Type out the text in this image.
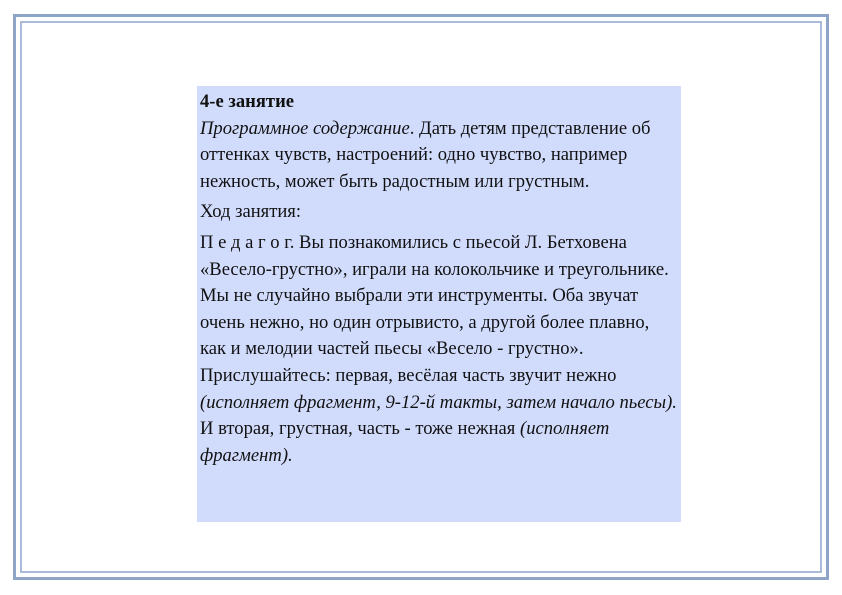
4-е занятие
Программное содержание. Дать детям представление об оттенках чувств, настроений: одно чувство, например нежность, может быть радостным или грустным.

Ход занятия:

П е д а г о г. Вы познакомились с пьесой Л. Бетховена «Весело-грустно», играли на колокольчике и треугольнике. Мы не случайно выбрали эти инструменты. Оба звучат очень нежно, но один отрывисто, а другой более плавно, как и мелодии частей пьесы «Весело - грустно». Прислушайтесь: первая, весёлая часть звучит нежно (исполняет фрагмент, 9-12-й такты, затем начало пьесы). И вторая, грустная, часть - тоже нежная (исполняет фрагмент).
